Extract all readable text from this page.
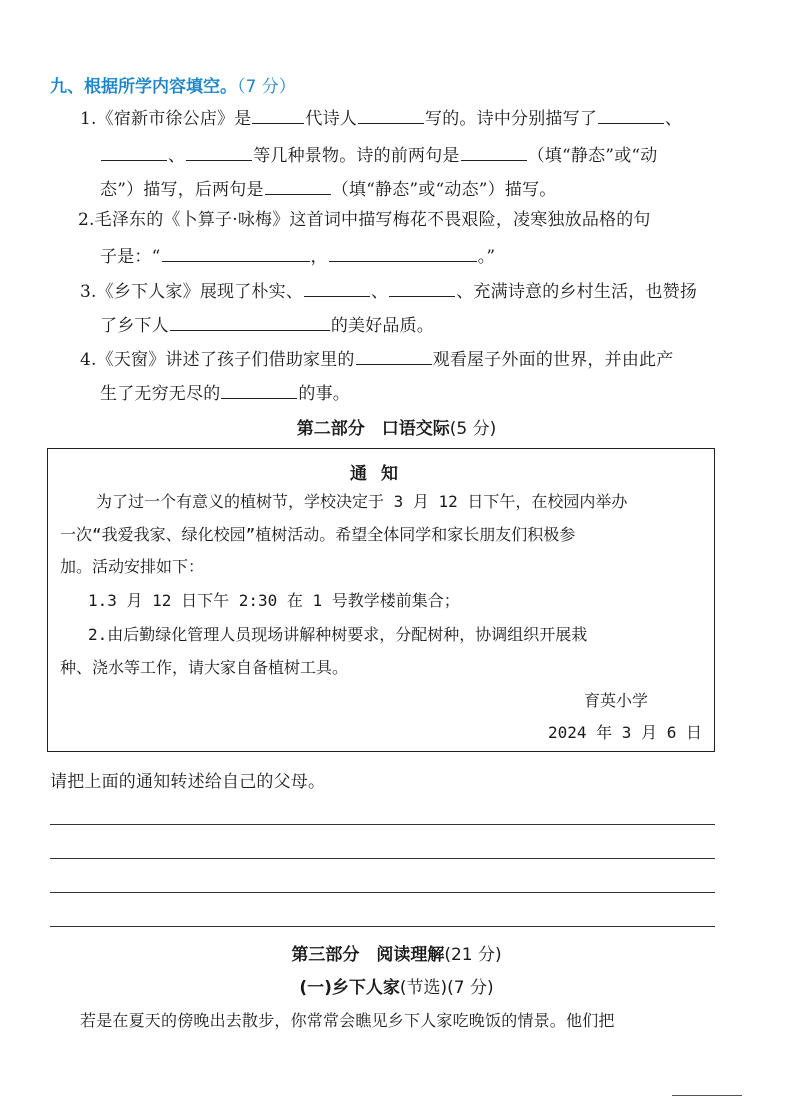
九、根据所学内容填空。（7 分）
1.《宿新市徐公店》是	代诗人	写的。诗中分别描写了	、
、	等几种景物。诗的前两句是	（填“静态”或“动
态”）描写，后两句是	（填“静态”或“动态”）描写。
2.毛泽东的《卜算子·咏梅》这首词中描写梅花不畏艰险，凌寒独放品格的句
子是：“	，	。”
3.《乡下人家》展现了朴实、	、	、充满诗意的乡村生活，也赞扬
了乡下人	的美好品质。
4.《天窗》讲述了孩子们借助家里的	观看屋子外面的世界，并由此产
生了无穷无尽的	的事。
第二部分　口语交际(5 分)
通知
为了过一个有意义的植树节，学校决定于 3 月 12 日下午，在校园内举办
一次“我爱我家、绿化校园”植树活动。希望全体同学和家长朋友们积极参
加。活动安排如下：
1.3 月 12 日下午 2:30 在 1 号教学楼前集合；
2.由后勤绿化管理人员现场讲解种树要求，分配树种，协调组织开展栽
种、浇水等工作，请大家自备植树工具。
育英小学
2024 年 3 月 6 日
请把上面的通知转述给自己的父母。
第三部分　阅读理解(21 分)
(一)乡下人家(节选)(7 分)
若是在夏天的傍晚出去散步，你常常会瞧见乡下人家吃晚饭的情景。他们把
